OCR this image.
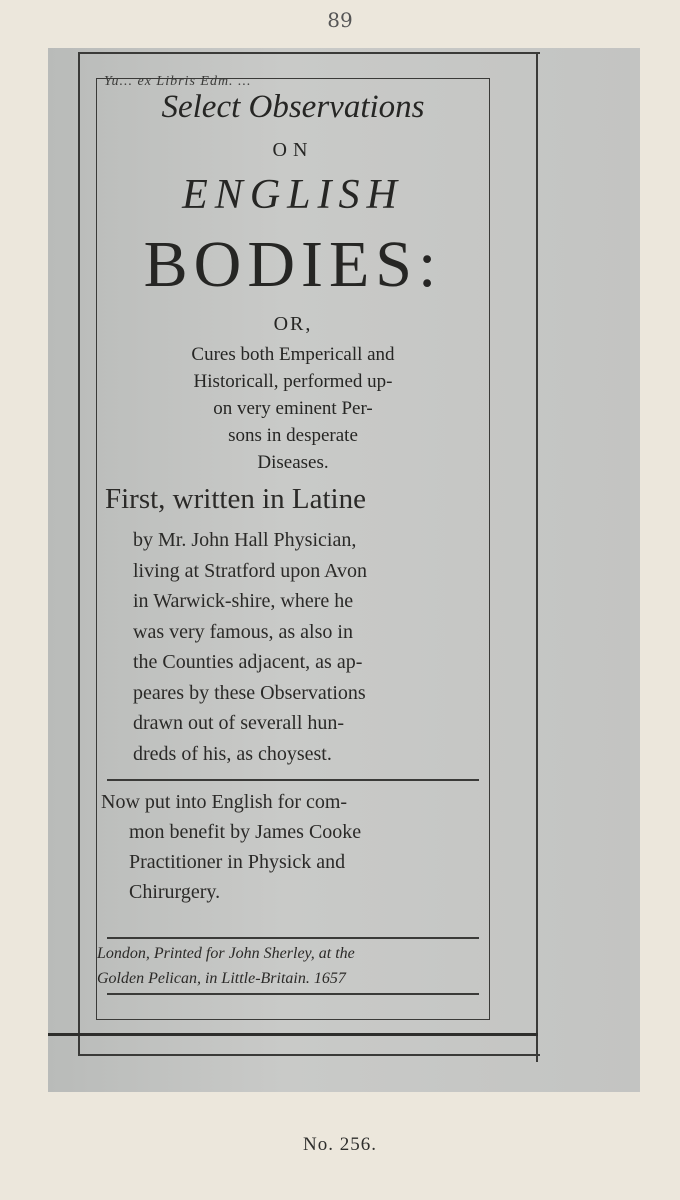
89
Yu... ex Libris Edm. ...
Select Observations
ON
ENGLISH
BODIES:
OR,
Cures both Empericall and
Historicall, performed up-
on very eminent Per-
sons in desperate
Diseases.
First, written in Latine
by Mr. John Hall Physician,
living at Stratford upon Avon
in Warwick-shire, where he
was very famous, as also in
the Counties adjacent, as ap-
peares by these Observations
drawn out of severall hun-
dreds of his, as choysest.
Now put into English for com-
mon benefit by James Cooke
Practitioner in Physick and
Chirurgery.
London, Printed for John Sherley, at the
Golden Pelican, in Little-Britain. 1657
No. 256.
